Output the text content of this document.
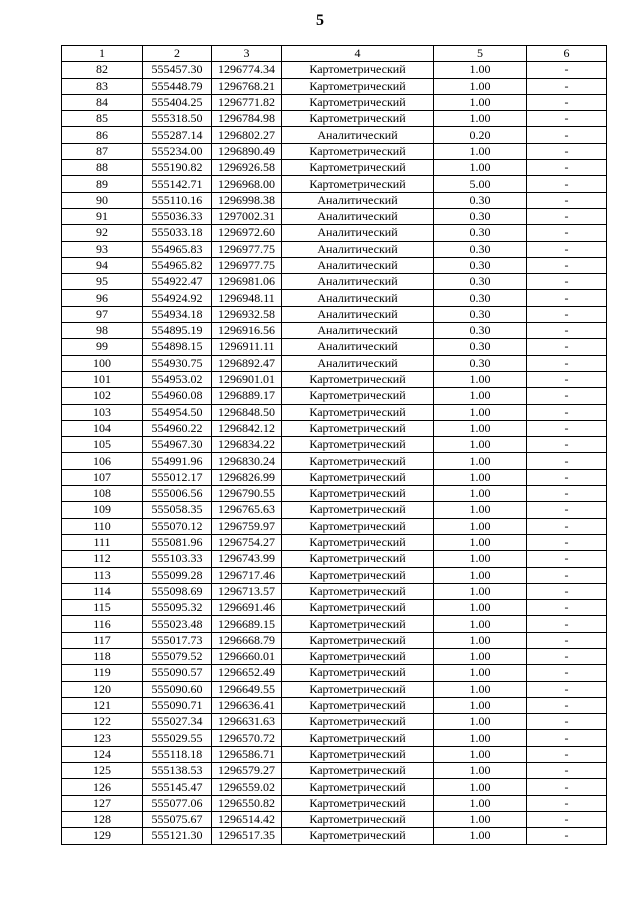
5
1	2	3	4	5	6
82	555457.30	1296774.34	Картометрический	1.00	-
83	555448.79	1296768.21	Картометрический	1.00	-
84	555404.25	1296771.82	Картометрический	1.00	-
85	555318.50	1296784.98	Картометрический	1.00	-
86	555287.14	1296802.27	Аналитический	0.20	-
87	555234.00	1296890.49	Картометрический	1.00	-
88	555190.82	1296926.58	Картометрический	1.00	-
89	555142.71	1296968.00	Картометрический	5.00	-
90	555110.16	1296998.38	Аналитический	0.30	-
91	555036.33	1297002.31	Аналитический	0.30	-
92	555033.18	1296972.60	Аналитический	0.30	-
93	554965.83	1296977.75	Аналитический	0.30	-
94	554965.82	1296977.75	Аналитический	0.30	-
95	554922.47	1296981.06	Аналитический	0.30	-
96	554924.92	1296948.11	Аналитический	0.30	-
97	554934.18	1296932.58	Аналитический	0.30	-
98	554895.19	1296916.56	Аналитический	0.30	-
99	554898.15	1296911.11	Аналитический	0.30	-
100	554930.75	1296892.47	Аналитический	0.30	-
101	554953.02	1296901.01	Картометрический	1.00	-
102	554960.08	1296889.17	Картометрический	1.00	-
103	554954.50	1296848.50	Картометрический	1.00	-
104	554960.22	1296842.12	Картометрический	1.00	-
105	554967.30	1296834.22	Картометрический	1.00	-
106	554991.96	1296830.24	Картометрический	1.00	-
107	555012.17	1296826.99	Картометрический	1.00	-
108	555006.56	1296790.55	Картометрический	1.00	-
109	555058.35	1296765.63	Картометрический	1.00	-
110	555070.12	1296759.97	Картометрический	1.00	-
111	555081.96	1296754.27	Картометрический	1.00	-
112	555103.33	1296743.99	Картометрический	1.00	-
113	555099.28	1296717.46	Картометрический	1.00	-
114	555098.69	1296713.57	Картометрический	1.00	-
115	555095.32	1296691.46	Картометрический	1.00	-
116	555023.48	1296689.15	Картометрический	1.00	-
117	555017.73	1296668.79	Картометрический	1.00	-
118	555079.52	1296660.01	Картометрический	1.00	-
119	555090.57	1296652.49	Картометрический	1.00	-
120	555090.60	1296649.55	Картометрический	1.00	-
121	555090.71	1296636.41	Картометрический	1.00	-
122	555027.34	1296631.63	Картометрический	1.00	-
123	555029.55	1296570.72	Картометрический	1.00	-
124	555118.18	1296586.71	Картометрический	1.00	-
125	555138.53	1296579.27	Картометрический	1.00	-
126	555145.47	1296559.02	Картометрический	1.00	-
127	555077.06	1296550.82	Картометрический	1.00	-
128	555075.67	1296514.42	Картометрический	1.00	-
129	555121.30	1296517.35	Картометрический	1.00	-
